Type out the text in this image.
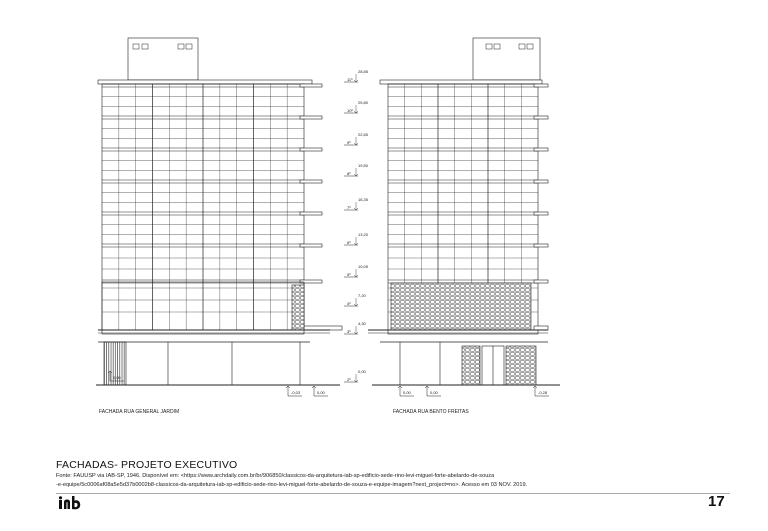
11º
28,85
10º
25,80
9º
22,65
8º
19,50
7º
16,35
6º
13,20
5º
10,05
4º
7,20
3º
4,30
2º
0,00
0,00
-0,03	0,00	0,00	0,00	-0,28
FACHADA RUA GENERAL JARDIM	FACHADA RUA BENTO FREITAS
FACHADAS- PROJETO EXECUTIVO
Fonte: FAUUSP via IAB-SP, 1946. Disponível em: <https://www.archdaily.com.br/br/906850/classicos-da-arquitetura-iab-sp-edificio-sede-rino-levi-miguel-forte-abelardo-de-souza
-e-equipe/5c0006af08a5e5d37b0002b8-classicos-da-arquitetura-iab-sp-edificio-sede-rino-levi-miguel-forte-abelardo-de-souza-e-equipe-imagem?next_project=no>. Acesso em 03 NOV. 2019.
17
